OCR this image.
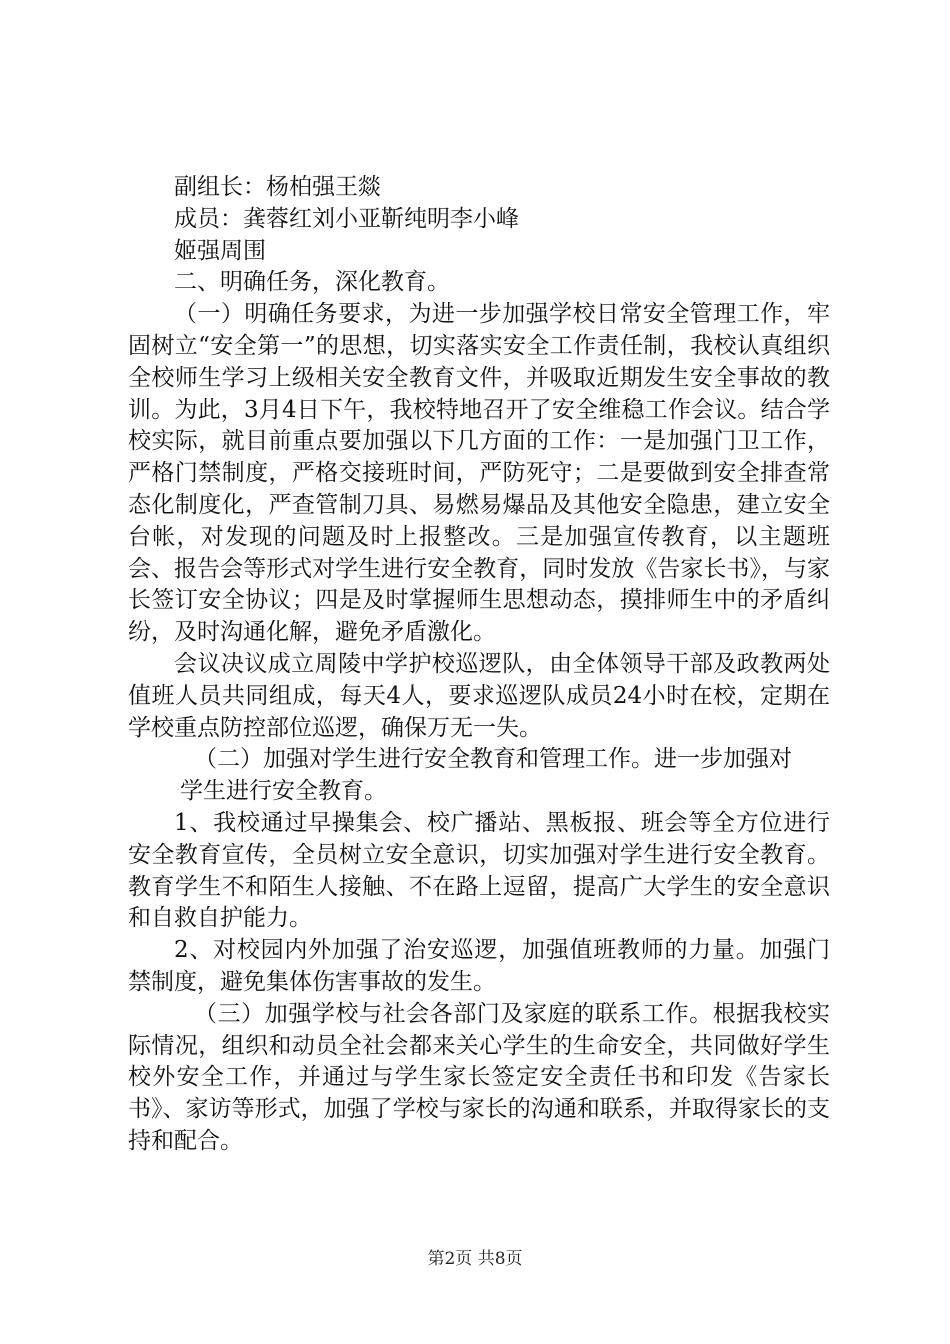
副组长：杨柏强王燚

成员：龚蓉红刘小亚靳纯明李小峰

姬强周围

二、明确任务，深化教育。

（一）明确任务要求，为进一步加强学校日常安全管理工作，牢固树立“安全第一”的思想，切实落实安全工作责任制，我校认真组织全校师生学习上级相关安全教育文件，并吸取近期发生安全事故的教训。为此，3月4日下午，我校特地召开了安全维稳工作会议。结合学校实际，就目前重点要加强以下几方面的工作：一是加强门卫工作，严格门禁制度，严格交接班时间，严防死守；二是要做到安全排查常态化制度化，严查管制刀具、易燃易爆品及其他安全隐患，建立安全台帐，对发现的问题及时上报整改。三是加强宣传教育，以主题班会、报告会等形式对学生进行安全教育，同时发放《告家长书》，与家长签订安全协议；四是及时掌握师生思想动态，摸排师生中的矛盾纠纷，及时沟通化解，避免矛盾激化。

会议决议成立周陵中学护校巡逻队，由全体领导干部及政教两处值班人员共同组成，每天4人，要求巡逻队成员24小时在校，定期在学校重点防控部位巡逻，确保万无一失。

（二）加强对学生进行安全教育和管理工作。进一步加强对

学生进行安全教育。

1、我校通过早操集会、校广播站、黑板报、班会等全方位进行安全教育宣传，全员树立安全意识，切实加强对学生进行安全教育。教育学生不和陌生人接触、不在路上逗留，提高广大学生的安全意识和自救自护能力。

2、对校园内外加强了治安巡逻，加强值班教师的力量。加强门禁制度，避免集体伤害事故的发生。

（三）加强学校与社会各部门及家庭的联系工作。根据我校实际情况，组织和动员全社会都来关心学生的生命安全，共同做好学生校外安全工作，并通过与学生家长签定安全责任书和印发《告家长书》、家访等形式，加强了学校与家长的沟通和联系，并取得家长的支持和配合。

第2页 共8页
